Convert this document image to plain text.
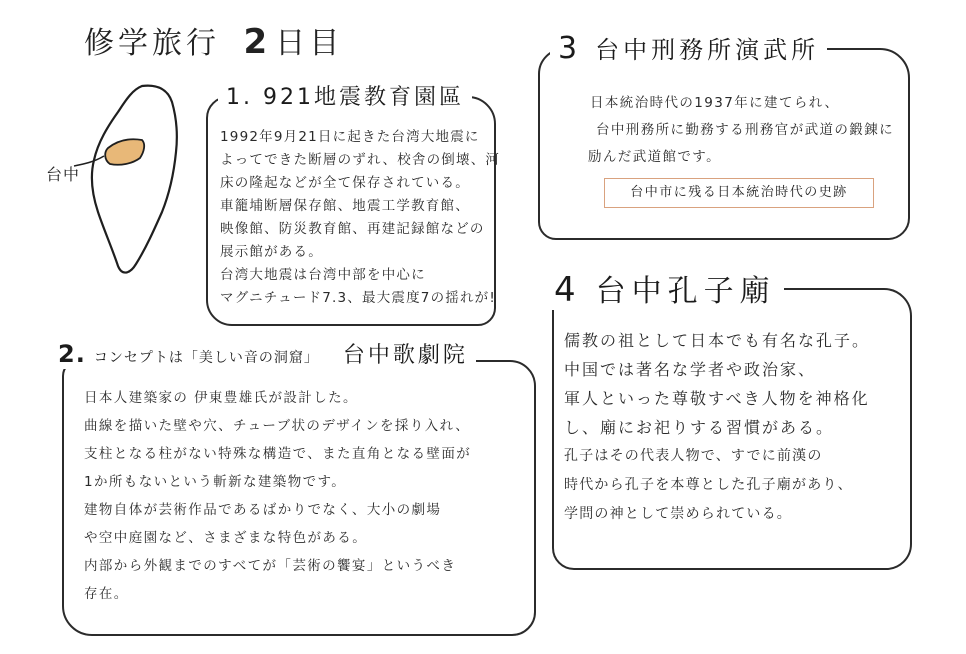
修学旅行 2 日目
台中
1. 921地震教育園區

1992年9月21日に起きた台湾大地震に

よってできた断層のずれ、校舎の倒壊、河

床の隆起などが全て保存されている。

車籠埔断層保存館、地震工学教育館、

映像館、防災教育館、再建記録館などの

展示館がある。

台湾大地震は台湾中部を中心に

マグニチュード7.3、最大震度7の揺れが!

2. コンセプトは「美しい音の洞窟」 台中歌劇院

日本人建築家の 伊東豊雄氏が設計した。

曲線を描いた壁や穴、チューブ状のデザインを採り入れ、

支柱となる柱がない特殊な構造で、また直角となる壁面が

1か所もないという斬新な建築物です。

建物自体が芸術作品であるばかりでなく、大小の劇場

や空中庭園など、さまざまな特色がある。

内部から外観までのすべてが「芸術の饗宴」というべき

存在。

3 台中刑務所演武所

日本統治時代の1937年に建てられ、

台中刑務所に勤務する刑務官が武道の鍛錬に

励んだ武道館です。

台中市に残る日本統治時代の史跡
4 台中孔子廟

儒教の祖として日本でも有名な孔子。

中国では著名な学者や政治家、

軍人といった尊敬すべき人物を神格化

し、廟にお祀りする習慣がある。

孔子はその代表人物で、すでに前漢の

時代から孔子を本尊とした孔子廟があり、

学問の神として崇められている。
